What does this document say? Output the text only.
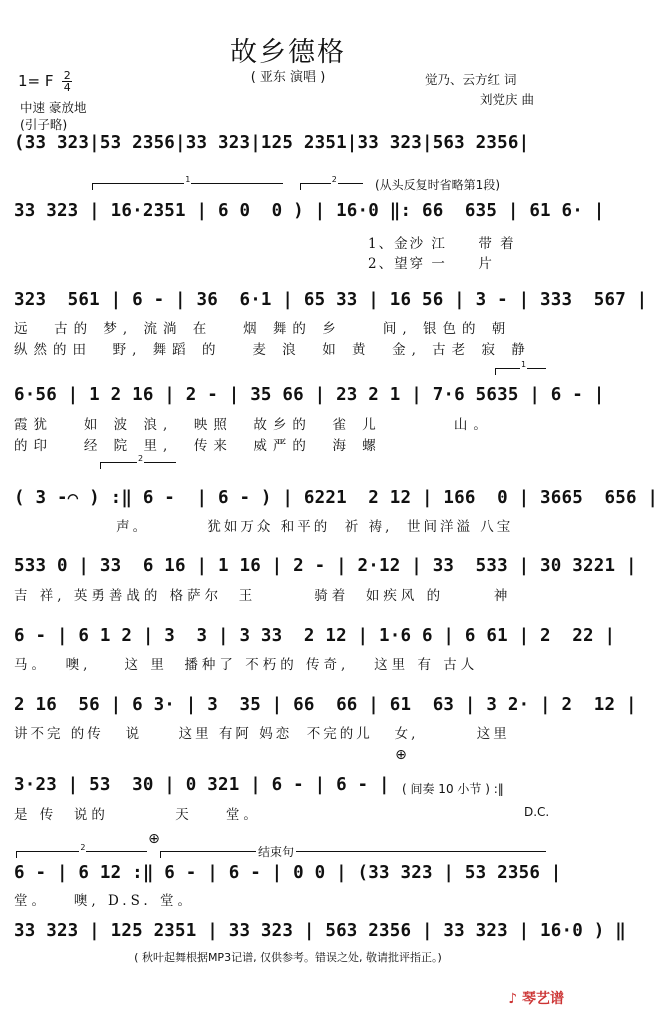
故乡德格
( 亚东 演唱 )
1= F $\frac{2}{4}$
中速 豪放地
(引子略)
觉乃、云方红 词
刘党庆 曲
(33 323|53 2356|33 323|125 2351|33 323|563 2356|
1	2	(从头反复时省略第1段)
33 323 | 16·2351 | 6 0  0 ) | 16·0 ‖: 66  635 | 61 6· |
1、金沙 江     带 着
2、望穿 一     片
323  561 | 6 - | 36  6·1 | 65 33 | 16 56 | 3 - | 333  567 |
远  古的 梦, 流淌 在   烟 舞的 乡    间, 银色的 朝
纵然的田  野, 舞蹈 的   麦 浪  如 黄  金, 古老 寂 静
1
6·56 | 1 2 16 | 2 - | 35 66 | 23 2 1 | 7·6 5635 | 6 - |
霞犹   如 波 浪,  映照  故乡的  雀 儿       山。
的印   经 院 里,  传来  威严的  海 螺
2
( 3 -⌒ ) :‖ 6 -  | 6 - ) | 6221  2 12 | 166  0 | 3665  656 |
声。        犹如万众 和平的  祈 祷,  世间洋溢 八宝
533 0 | 33  6 16 | 1 16 | 2 - | 2·12 | 33  533 | 30 3221 |
吉 祥, 英勇善战的 格萨尔  王       骑着  如疾风 的      神
6 - | 6 1 2 | 3  3 | 3 33  2 12 | 1·6 6 | 6 61 | 2  22 |
马。  噢,    这 里  播种了 不朽的 传奇,   这里 有 古人
2 16  56 | 6 3· | 3  35 | 66  66 | 61  63 | 3 2· | 2  12 |
讲不完 的传   说     这里 有阿 妈恋  不完的儿   女,        这里
⊕
3·23 | 53  30 | 0 321 | 6 - | 6 - |	( 间奏 10 小节 ) :‖
是 传  说的        天    堂。	D.C.
2
⊕
结束句
6 - | 6 12 :‖ 6 - | 6 - | 0 0 | (33 323 | 53 2356 |
堂。   噢, D.S. 堂。
33 323 | 125 2351 | 33 323 | 563 2356 | 33 323 | 16·0 ) ‖
( 秋叶起舞根据MP3记谱, 仅供参考。错误之处, 敬请批评指正。)
♪ 琴艺谱
